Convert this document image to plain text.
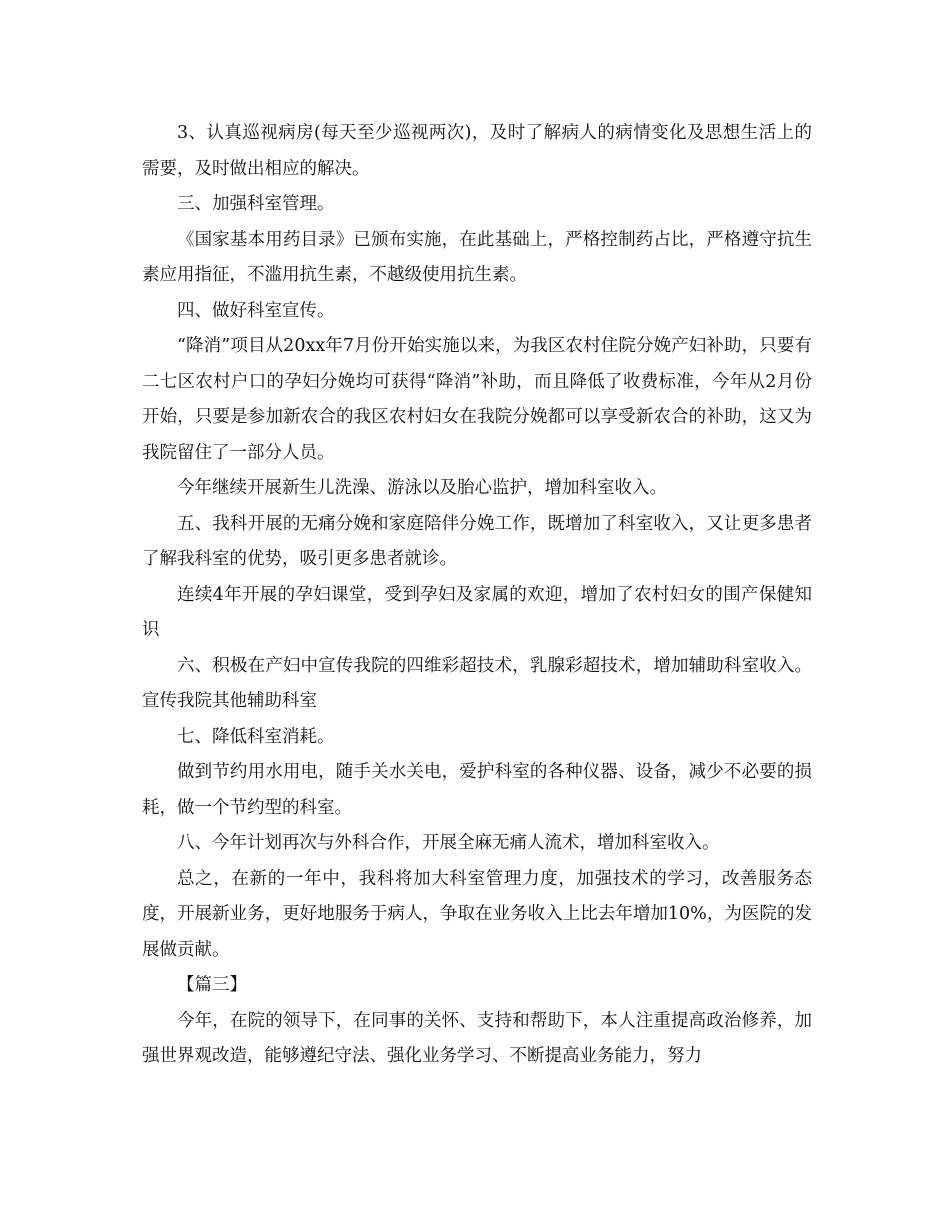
3、认真巡视病房(每天至少巡视两次)，及时了解病人的病情变化及思想生活上的需要，及时做出相应的解决。

三、加强科室管理。

《国家基本用药目录》已颁布实施，在此基础上，严格控制药占比，严格遵守抗生素应用指征，不滥用抗生素，不越级使用抗生素。

四、做好科室宣传。

“降消”项目从20xx年7月份开始实施以来，为我区农村住院分娩产妇补助，只要有二七区农村户口的孕妇分娩均可获得“降消”补助，而且降低了收费标准，今年从2月份开始，只要是参加新农合的我区农村妇女在我院分娩都可以享受新农合的补助，这又为我院留住了一部分人员。

今年继续开展新生儿洗澡、游泳以及胎心监护，增加科室收入。

五、我科开展的无痛分娩和家庭陪伴分娩工作，既增加了科室收入，又让更多患者了解我科室的优势，吸引更多患者就诊。

连续4年开展的孕妇课堂，受到孕妇及家属的欢迎，增加了农村妇女的围产保健知识

六、积极在产妇中宣传我院的四维彩超技术，乳腺彩超技术，增加辅助科室收入。宣传我院其他辅助科室

七、降低科室消耗。

做到节约用水用电，随手关水关电，爱护科室的各种仪器、设备，减少不必要的损耗，做一个节约型的科室。

八、今年计划再次与外科合作，开展全麻无痛人流术，增加科室收入。

总之，在新的一年中，我科将加大科室管理力度，加强技术的学习，改善服务态度，开展新业务，更好地服务于病人，争取在业务收入上比去年增加10%，为医院的发展做贡献。

【篇三】

今年，在院的领导下，在同事的关怀、支持和帮助下，本人注重提高政治修养，加强世界观改造，能够遵纪守法、强化业务学习、不断提高业务能力，努力
